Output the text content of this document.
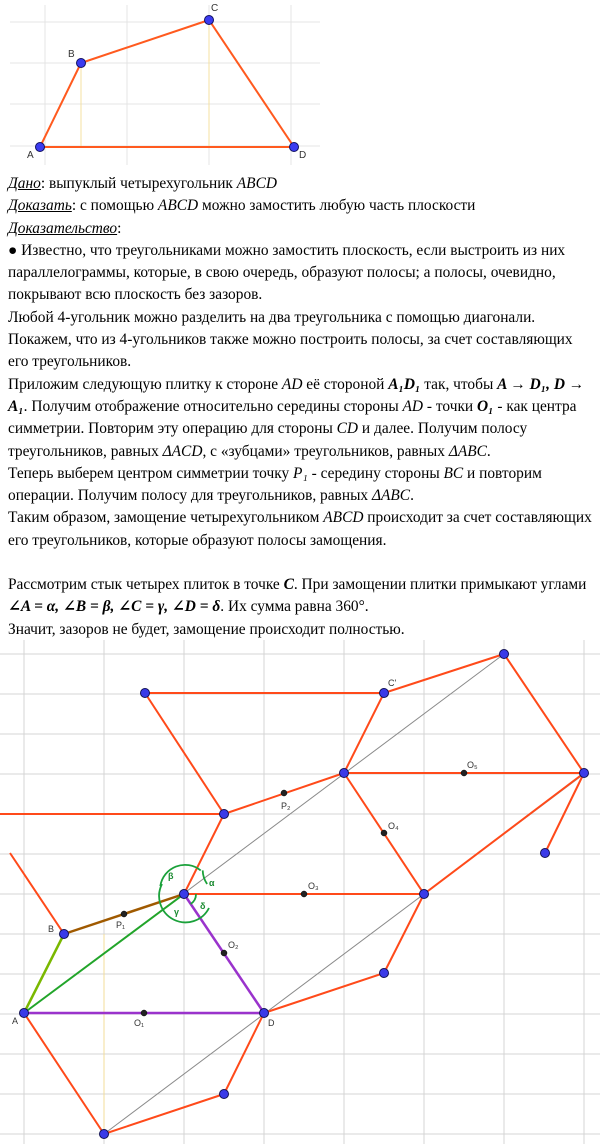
A
B
C
D

Дано: выпуклый четырехугольник ABCD

Доказать: с помощью ABCD можно замостить любую часть плоскости

Доказательство:

● Известно, что треугольниками можно замостить плоскость, если выстроить из них параллелограммы, которые, в свою очередь, образуют полосы; а полосы, очевидно, покрывают всю плоскость без зазоров.

Любой 4-угольник можно разделить на два треугольника с помощью диагонали. Покажем, что из 4-угольников также можно построить полосы, за счет составляющих его треугольников.

Приложим следующую плитку к стороне AD её стороной A₁D₁ так, чтобы A → D₁, D → A₁. Получим отображение относительно середины стороны AD - точки O₁ - как центра симметрии. Повторим эту операцию для стороны CD и далее. Получим полосу треугольников, равных ΔACD, с «зубцами» треугольников, равных ΔABC.

Теперь выберем центром симметрии точку P₁ - середину стороны BC и повторим операции. Получим полосу для треугольников, равных ΔABC.

Таким образом, замощение четырехугольником ABCD происходит за счет составляющих его треугольников, которые образуют полосы замощения.

Рассмотрим стык четырех плиток в точке C. При замощении плитки примыкают углами ∠A = α, ∠B = β, ∠C = γ, ∠D = δ. Их сумма равна 360°.

Значит, зазоров не будет, замощение происходит полностью.

A
B
D
C'
P₁
P₂
O₁
O₂
O₃
O₄
O₅
α
β
γ
δ
